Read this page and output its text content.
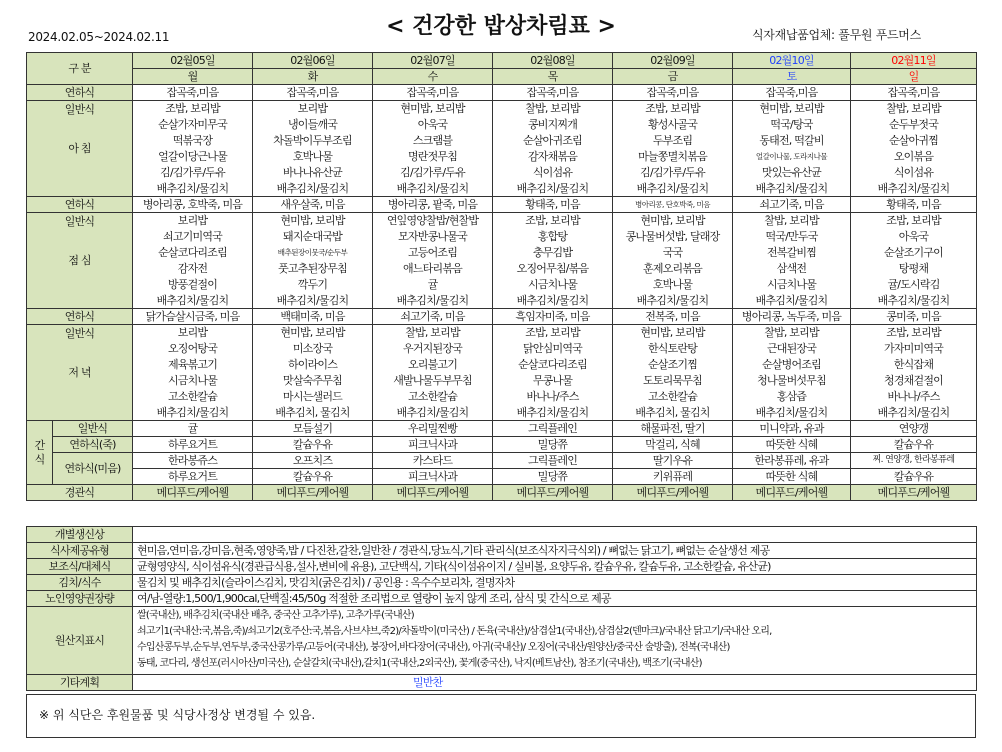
2024.02.05~2024.02.11	< 건강한 밥상차림표 >	식자재납품업체: 풀무원 푸드머스
구 분		02월05일	02월06일	02월07일	02월08일	02월09일	02월10일	02월11일
		월	화	수	목	금	토	일
연하식		잡곡죽,미음	잡곡죽,미음	잡곡죽,미음	잡곡죽,미음	잡곡죽,미음	잡곡죽,미음	잡곡죽,미음

일반식
아 침		조밥, 보리밥	보리밥	현미밥, 보리밥	찰밥, 보리밥	조밥, 보리밥	현미밥, 보리밥	찰밥, 보리밥
		순살가자미무국	냉이들깨국	아욱국	콩비지찌개	황성사골국	떡국/탕국	순두부젓국
		떡볶국장	차돌박이두부조림	스크램블	순살아귀조림	두부조림	동태전, 떡갈비	순살아귀찜
		얼갈이당근나물	호박나물	명란젓무침	감자채볶음	마늘쫑멸치볶음	얼갈이나물, 도라지나물	오이볶음
		김/김가루/두유	바나나유산균	김/김가루/두유	식이섬유	김/김가루/두유	맛있는유산균	식이섬유
		배추김치/물김치	배추김치/물김치	배추김치/물김치	배추김치/물김치	배추김치/물김치	배추김치/물김치	배추김치/물김치
연하식		병아리콩, 호박죽, 미음	새우살죽, 미음	병아리콩, 팥죽, 미음	황태죽, 미음	병아리콩, 단호박죽, 미음	쇠고기죽, 미음	황태죽, 미음

일반식
점 심		보리밥	현미밥, 보리밥	연잎영양찰밥/현찰밥	조밥, 보리밥	현미밥, 보리밥	찰밥, 보리밥	조밥, 보리밥
		쇠고기미역국	돼지순대국밥	모자반콩나물국	홍합탕	콩나물버섯밥, 달래장	떡국/만두국	아욱국
		순살코다리조림	배추된장이뭇국/순두부	고등어조림	충무김밥	국국	전복갈비찜	순살조기구이
		감자전	풋고추된장무침	애느타리볶음	오징어무침/볶음	훈제오리볶음	삼색전	탕평채
		방풍겉절이	깍두기	귤	시금치나물	호박나물	시금치나물	귤/도시락김
		배추김치/물김치	배추김치/물김치	배추김치/물김치	배추김치/물김치	배추김치/물김치	배추김치/물김치	배추김치/물김치
연하식		닭가슴살시금죽, 미음	백태미죽, 미음	쇠고기죽, 미음	흑임자미죽, 미음	전복죽, 미음	병아리콩, 녹두죽, 미음	콩미죽, 미음

일반식
저 녁		보리밥	현미밥, 보리밥	찰밥, 보리밥	조밥, 보리밥	현미밥, 보리밥	찰밥, 보리밥	조밥, 보리밥
		오징어탕국	미소장국	우거지된장국	닭안심미역국	한식토란탕	근대된장국	가자미미역국
		제육볶고기	하이라이스	오리불고기	순살코다리조림	순살조기찜	순살병어조림	한식잡채
		시금치나물	맛살숙주무침	새발나물두부무침	무콩나물	도토리묵무침	청나물버섯무침	청경채겉절이
		고소한칼슘	마시는샐러드	고소한칼슘	바나나/주스	고소한칼슘	홍삼즙	바나나/주스
		배추김치/물김치	배추김치, 물김치	배추김치/물김치	배추김치/물김치	배추김치, 물김치	배추김치/물김치	배추김치/물김치
간 식	일반식	귤	모듬설기	우리밀찐빵	그릭플레인	해물파전, 딸기	미니약과, 유과	연양갱
	연하식(죽)	하루요거트	칼슘우유	피크닉사과	밀당쮸	막걸리, 식혜	따뜻한 식혜	칼슘우유
	연하식(미음)	한라봉쥬스	오프치즈	카스타드	그릭플레인	딸기우유	한라봉퓨레, 유과	찌. 연양갱, 한라봉퓨레
		하루요거트	칼슘우유	피크닉사과	밀당쮸	키위퓨레	따뜻한 식혜	칼슘우유
경관식		메디푸드/케어웰	메디푸드/케어웰	메디푸드/케어웰	메디푸드/케어웰	메디푸드/케어웰	메디푸드/케어웰	메디푸드/케어웰
개별생신상	
식사제공유형	현미음,연미음,강미음,현죽,영양죽,밥 / 다진찬,갈찬,일반찬 / 경관식,당뇨식,기타 관리식(보조식자지극식외) / 뼈없는 닭고기, 뼈없는 순살생선 제공
보조식/대체식	균형영양식, 식이섬유식(경관급식용,설사,변비에 유용), 고단백식, 기타(식이섬유이지 / 실비볼, 요양두유, 칼슘우유, 칼슘두유, 고소한칼슘, 유산균)
김치/식수	물김치 및 배추김치(슬라이스김치, 맛김치(굵은김치) / 공인용 : 옥수수보리차, 결명자차
노인영양권장량	여/남-열량:1,500/1,900cal,단백질:45/50g 적절한 조리법으로 열량이 높지 않게 조리, 삼식 및 간식으로 제공
원산지표시	쌀(국내산), 배추김치(국내산 배추, 중국산 고추가루), 고추가루(국내산)
쇠고기1(국내산:국,볶음,죽)/쇠고기2(호주산:국,볶음,사브샤브,죽2)/차돌박이(미국산) / 돈육(국내산)/삼겹살1(국내산),삼겹살2(덴마크)/국내산 닭고기/국내산 오리,
수입산콩두부,순두부,연두부,중국산콩가루/고등어(국내산), 붕장어,바다장어(국내산), 아귀(국내산)/ 오징어(국내산/원양산/중국산 술방출), 전복(국내산)
동태, 코다리, 생선포(러시아산/미국산), 순살갈치(국내산),갈치1(국내산,2외국산), 꽃게(중국산), 낙지(베트남산), 참조기(국내산), 백조기(국내산)

기타계획	밀반찬
※ 위 식단은 후원물품 및 식당사정상 변경될 수 있음.
